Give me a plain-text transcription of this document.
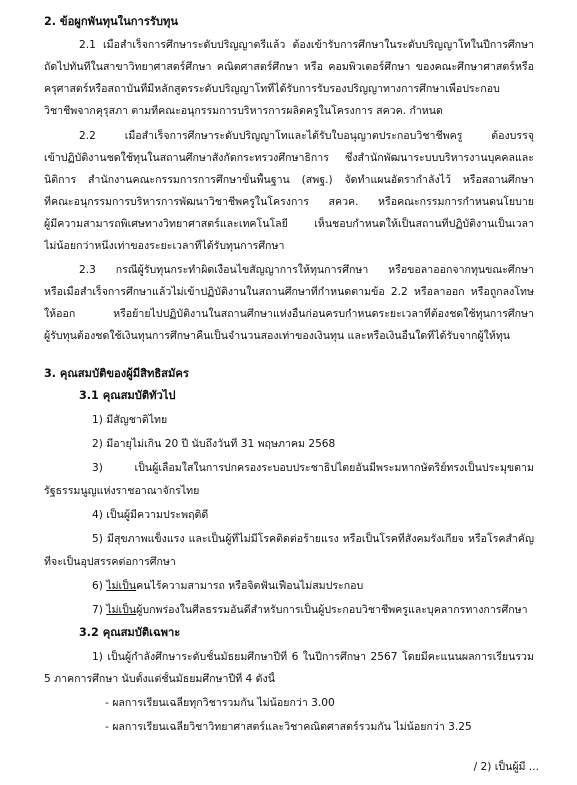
2. ข้อผูกพันทุนในการรับทุน
2.1 เมื่อสำเร็จการศึกษาระดับปริญญาตรีแล้ว ต้องเข้ารับการศึกษาในระดับปริญญาโทในปีการศึกษา
ถัดไปทันทีในสาขาวิทยาศาสตร์ศึกษา คณิตศาสตร์ศึกษา หรือ คอมพิวเตอร์ศึกษา ของคณะศึกษาศาสตร์หรือ
ครุศาสตร์หรือสถาบันที่มีหลักสูตรระดับปริญญาโทที่ได้รับการรับรองปริญญาทางการศึกษาเพื่อประกอบ
วิชาชีพจากคุรุสภา ตามที่คณะอนุกรรมการบริหารการผลิตครูในโครงการ สควค. กำหนด
2.2 เมื่อสำเร็จการศึกษาระดับปริญญาโทและได้รับใบอนุญาตประกอบวิชาชีพครู ต้องบรรจุ
เข้าปฏิบัติงานชดใช้ทุนในสถานศึกษาสังกัดกระทรวงศึกษาธิการ ซึ่งสำนักพัฒนาระบบบริหารงานบุคคลและ
นิติการ สำนักงานคณะกรรมการการศึกษาขั้นพื้นฐาน (สพฐ.) จัดทำแผนอัตรากำลังไว้ หรือสถานศึกษา
ที่คณะอนุกรรมการบริหารการพัฒนาวิชาชีพครูในโครงการ สควค. หรือคณะกรรมการกำหนดนโยบาย
ผู้มีความสามารถพิเศษทางวิทยาศาสตร์และเทคโนโลยี เห็นชอบกำหนดให้เป็นสถานที่ปฏิบัติงานเป็นเวลา
ไม่น้อยกว่าหนึ่งเท่าของระยะเวลาที่ได้รับทุนการศึกษา
2.3 กรณีผู้รับทุนกระทำผิดเงื่อนไขสัญญาการให้ทุนการศึกษา หรือขอลาออกจากทุนขณะศึกษา
หรือเมื่อสำเร็จการศึกษาแล้วไม่เข้าปฏิบัติงานในสถานศึกษาที่กำหนดตามข้อ 2.2 หรือลาออก หรือถูกลงโทษ
ให้ออก หรือย้ายไปปฏิบัติงานในสถานศึกษาแห่งอื่นก่อนครบกำหนดระยะเวลาที่ต้องชดใช้ทุนการศึกษา
ผู้รับทุนต้องชดใช้เงินทุนการศึกษาคืนเป็นจำนวนสองเท่าของเงินทุน และหรือเงินอื่นใดที่ได้รับจากผู้ให้ทุน
3. คุณสมบัติของผู้มีสิทธิสมัคร
3.1 คุณสมบัติทั่วไป
1) มีสัญชาติไทย
2) มีอายุไม่เกิน 20 ปี นับถึงวันที่ 31 พฤษภาคม 2568
3) เป็นผู้เลื่อมใสในการปกครองระบอบประชาธิปไตยอันมีพระมหากษัตริย์ทรงเป็นประมุขตาม
รัฐธรรมนูญแห่งราชอาณาจักรไทย
4) เป็นผู้มีความประพฤติดี
5) มีสุขภาพแข็งแรง และเป็นผู้ที่ไม่มีโรคติดต่อร้ายแรง หรือเป็นโรคที่สังคมรังเกียจ หรือโรคสำคัญ
ที่จะเป็นอุปสรรคต่อการศึกษา
6) ไม่เป็นคนไร้ความสามารถ หรือจิตฟั่นเฟือนไม่สมประกอบ
7) ไม่เป็นผู้บกพร่องในศีลธรรมอันดีสำหรับการเป็นผู้ประกอบวิชาชีพครูและบุคลากรทางการศึกษา
3.2 คุณสมบัติเฉพาะ
1) เป็นผู้กำลังศึกษาระดับชั้นมัธยมศึกษาปีที่ 6 ในปีการศึกษา 2567 โดยมีคะแนนผลการเรียนรวม
5 ภาคการศึกษา นับตั้งแต่ชั้นมัธยมศึกษาปีที่ 4 ดังนี้
- ผลการเรียนเฉลี่ยทุกวิชารวมกัน ไม่น้อยกว่า 3.00
- ผลการเรียนเฉลี่ยวิชาวิทยาศาสตร์และวิชาคณิตศาสตร์รวมกัน ไม่น้อยกว่า 3.25
/ 2) เป็นผู้มี ...
